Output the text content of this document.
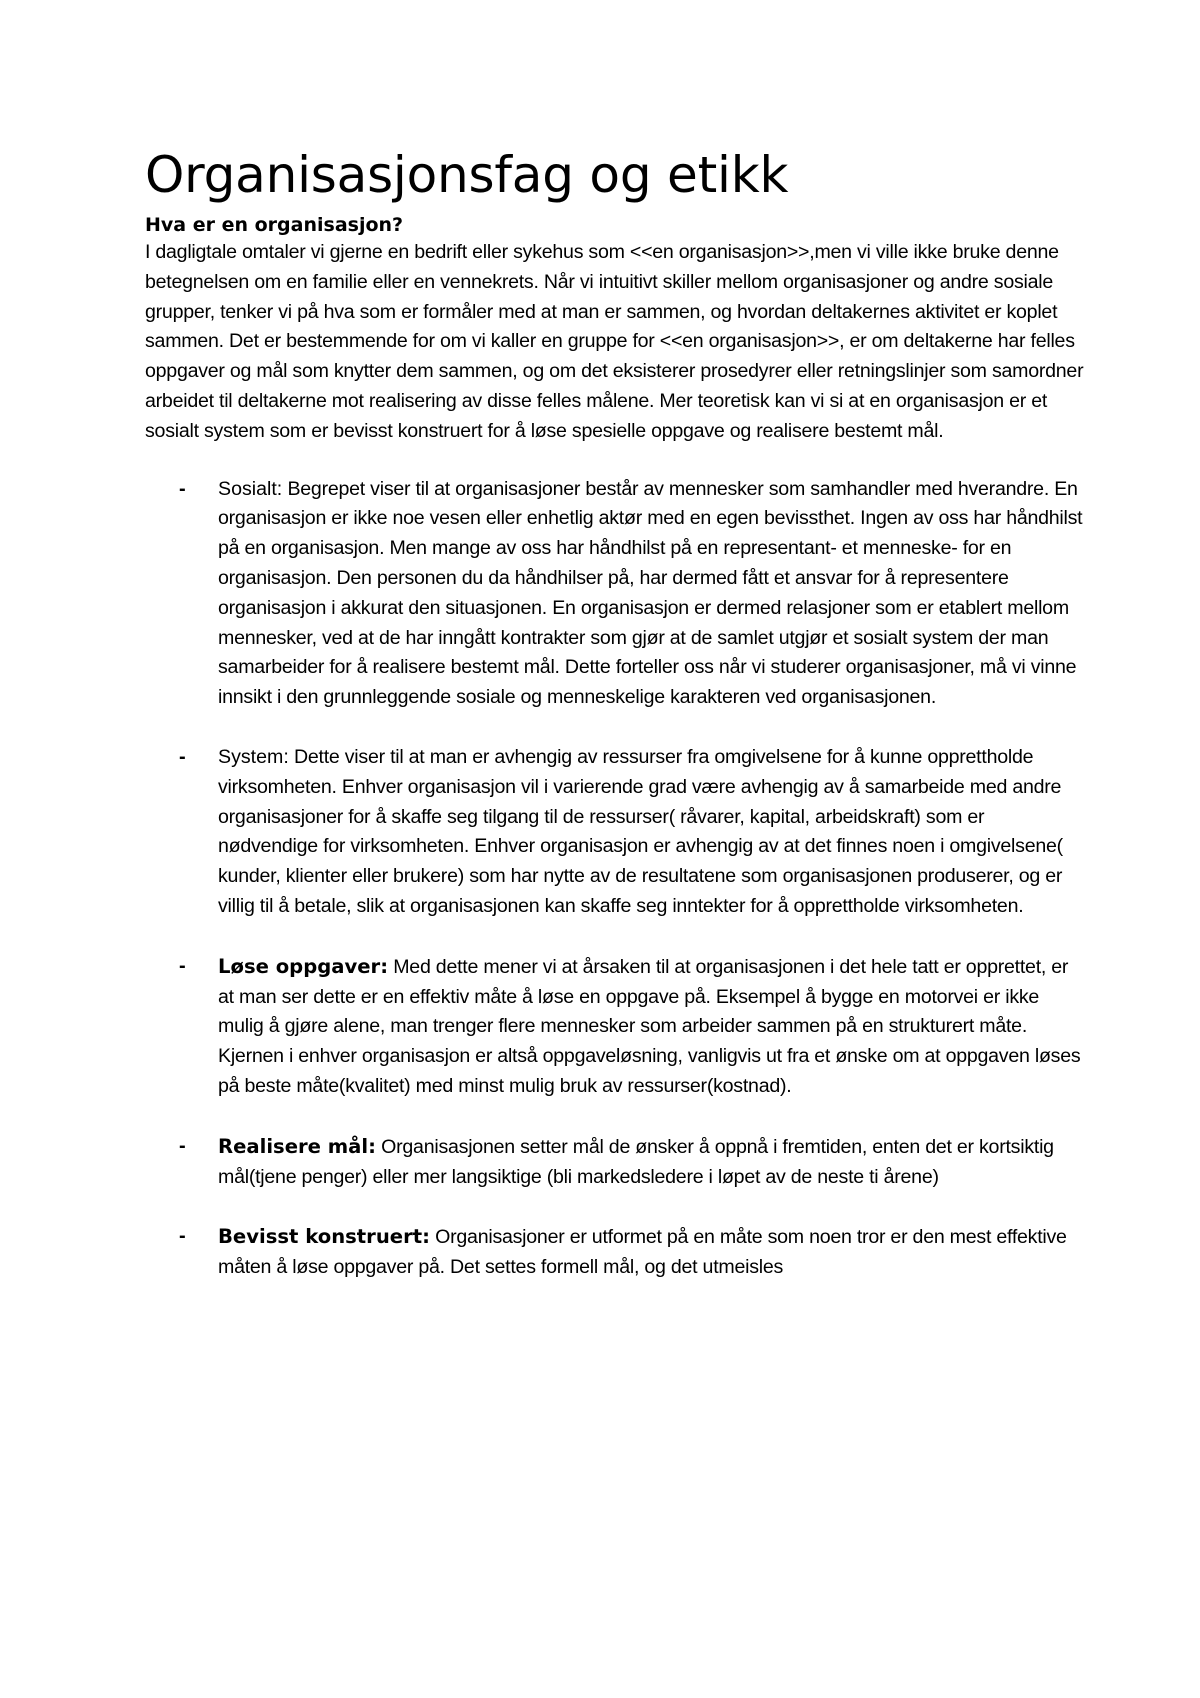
Organisasjonsfag og etikk
Hva er en organisasjon?

I dagligtale omtaler vi gjerne en bedrift eller sykehus som <<en organisasjon>>,men vi ville ikke bruke denne betegnelsen om en familie eller en vennekrets. Når vi intuitivt skiller mellom organisasjoner og andre sosiale grupper, tenker vi på hva som er formåler med at man er sammen, og hvordan deltakernes aktivitet er koplet sammen. Det er bestemmende for om vi kaller en gruppe for <<en organisasjon>>, er om deltakerne har felles oppgaver og mål som knytter dem sammen, og om det eksisterer prosedyrer eller retningslinjer som samordner arbeidet til deltakerne mot realisering av disse felles målene. Mer teoretisk kan vi si at en organisasjon er et sosialt system som er bevisst konstruert for å løse spesielle oppgave og realisere bestemt mål.

- Sosialt: Begrepet viser til at organisasjoner består av mennesker som samhandler med hverandre. En organisasjon er ikke noe vesen eller enhetlig aktør med en egen bevissthet. Ingen av oss har håndhilst på en organisasjon. Men mange av oss har håndhilst på en representant- et menneske- for en organisasjon. Den personen du da håndhilser på, har dermed fått et ansvar for å representere organisasjon i akkurat den situasjonen. En organisasjon er dermed relasjoner som er etablert mellom mennesker, ved at de har inngått kontrakter som gjør at de samlet utgjør et sosialt system der man samarbeider for å realisere bestemt mål. Dette forteller oss når vi studerer organisasjoner, må vi vinne innsikt i den grunnleggende sosiale og menneskelige karakteren ved organisasjonen.
- System: Dette viser til at man er avhengig av ressurser fra omgivelsene for å kunne opprettholde virksomheten. Enhver organisasjon vil i varierende grad være avhengig av å samarbeide med andre organisasjoner for å skaffe seg tilgang til de ressurser( råvarer, kapital, arbeidskraft) som er nødvendige for virksomheten. Enhver organisasjon er avhengig av at det finnes noen i omgivelsene( kunder, klienter eller brukere) som har nytte av de resultatene som organisasjonen produserer, og er villig til å betale, slik at organisasjonen kan skaffe seg inntekter for å opprettholde virksomheten.
- Løse oppgaver: Med dette mener vi at årsaken til at organisasjonen i det hele tatt er opprettet, er at man ser dette er en effektiv måte å løse en oppgave på. Eksempel å bygge en motorvei er ikke mulig å gjøre alene, man trenger flere mennesker som arbeider sammen på en strukturert måte. Kjernen i enhver organisasjon er altså oppgaveløsning, vanligvis ut fra et ønske om at oppgaven løses på beste måte(kvalitet) med minst mulig bruk av ressurser(kostnad).
- Realisere mål: Organisasjonen setter mål de ønsker å oppnå i fremtiden, enten det er kortsiktig mål(tjene penger) eller mer langsiktige (bli markedsledere i løpet av de neste ti årene)
- Bevisst konstruert: Organisasjoner er utformet på en måte som noen tror er den mest effektive måten å løse oppgaver på. Det settes formell mål, og det utmeisles
